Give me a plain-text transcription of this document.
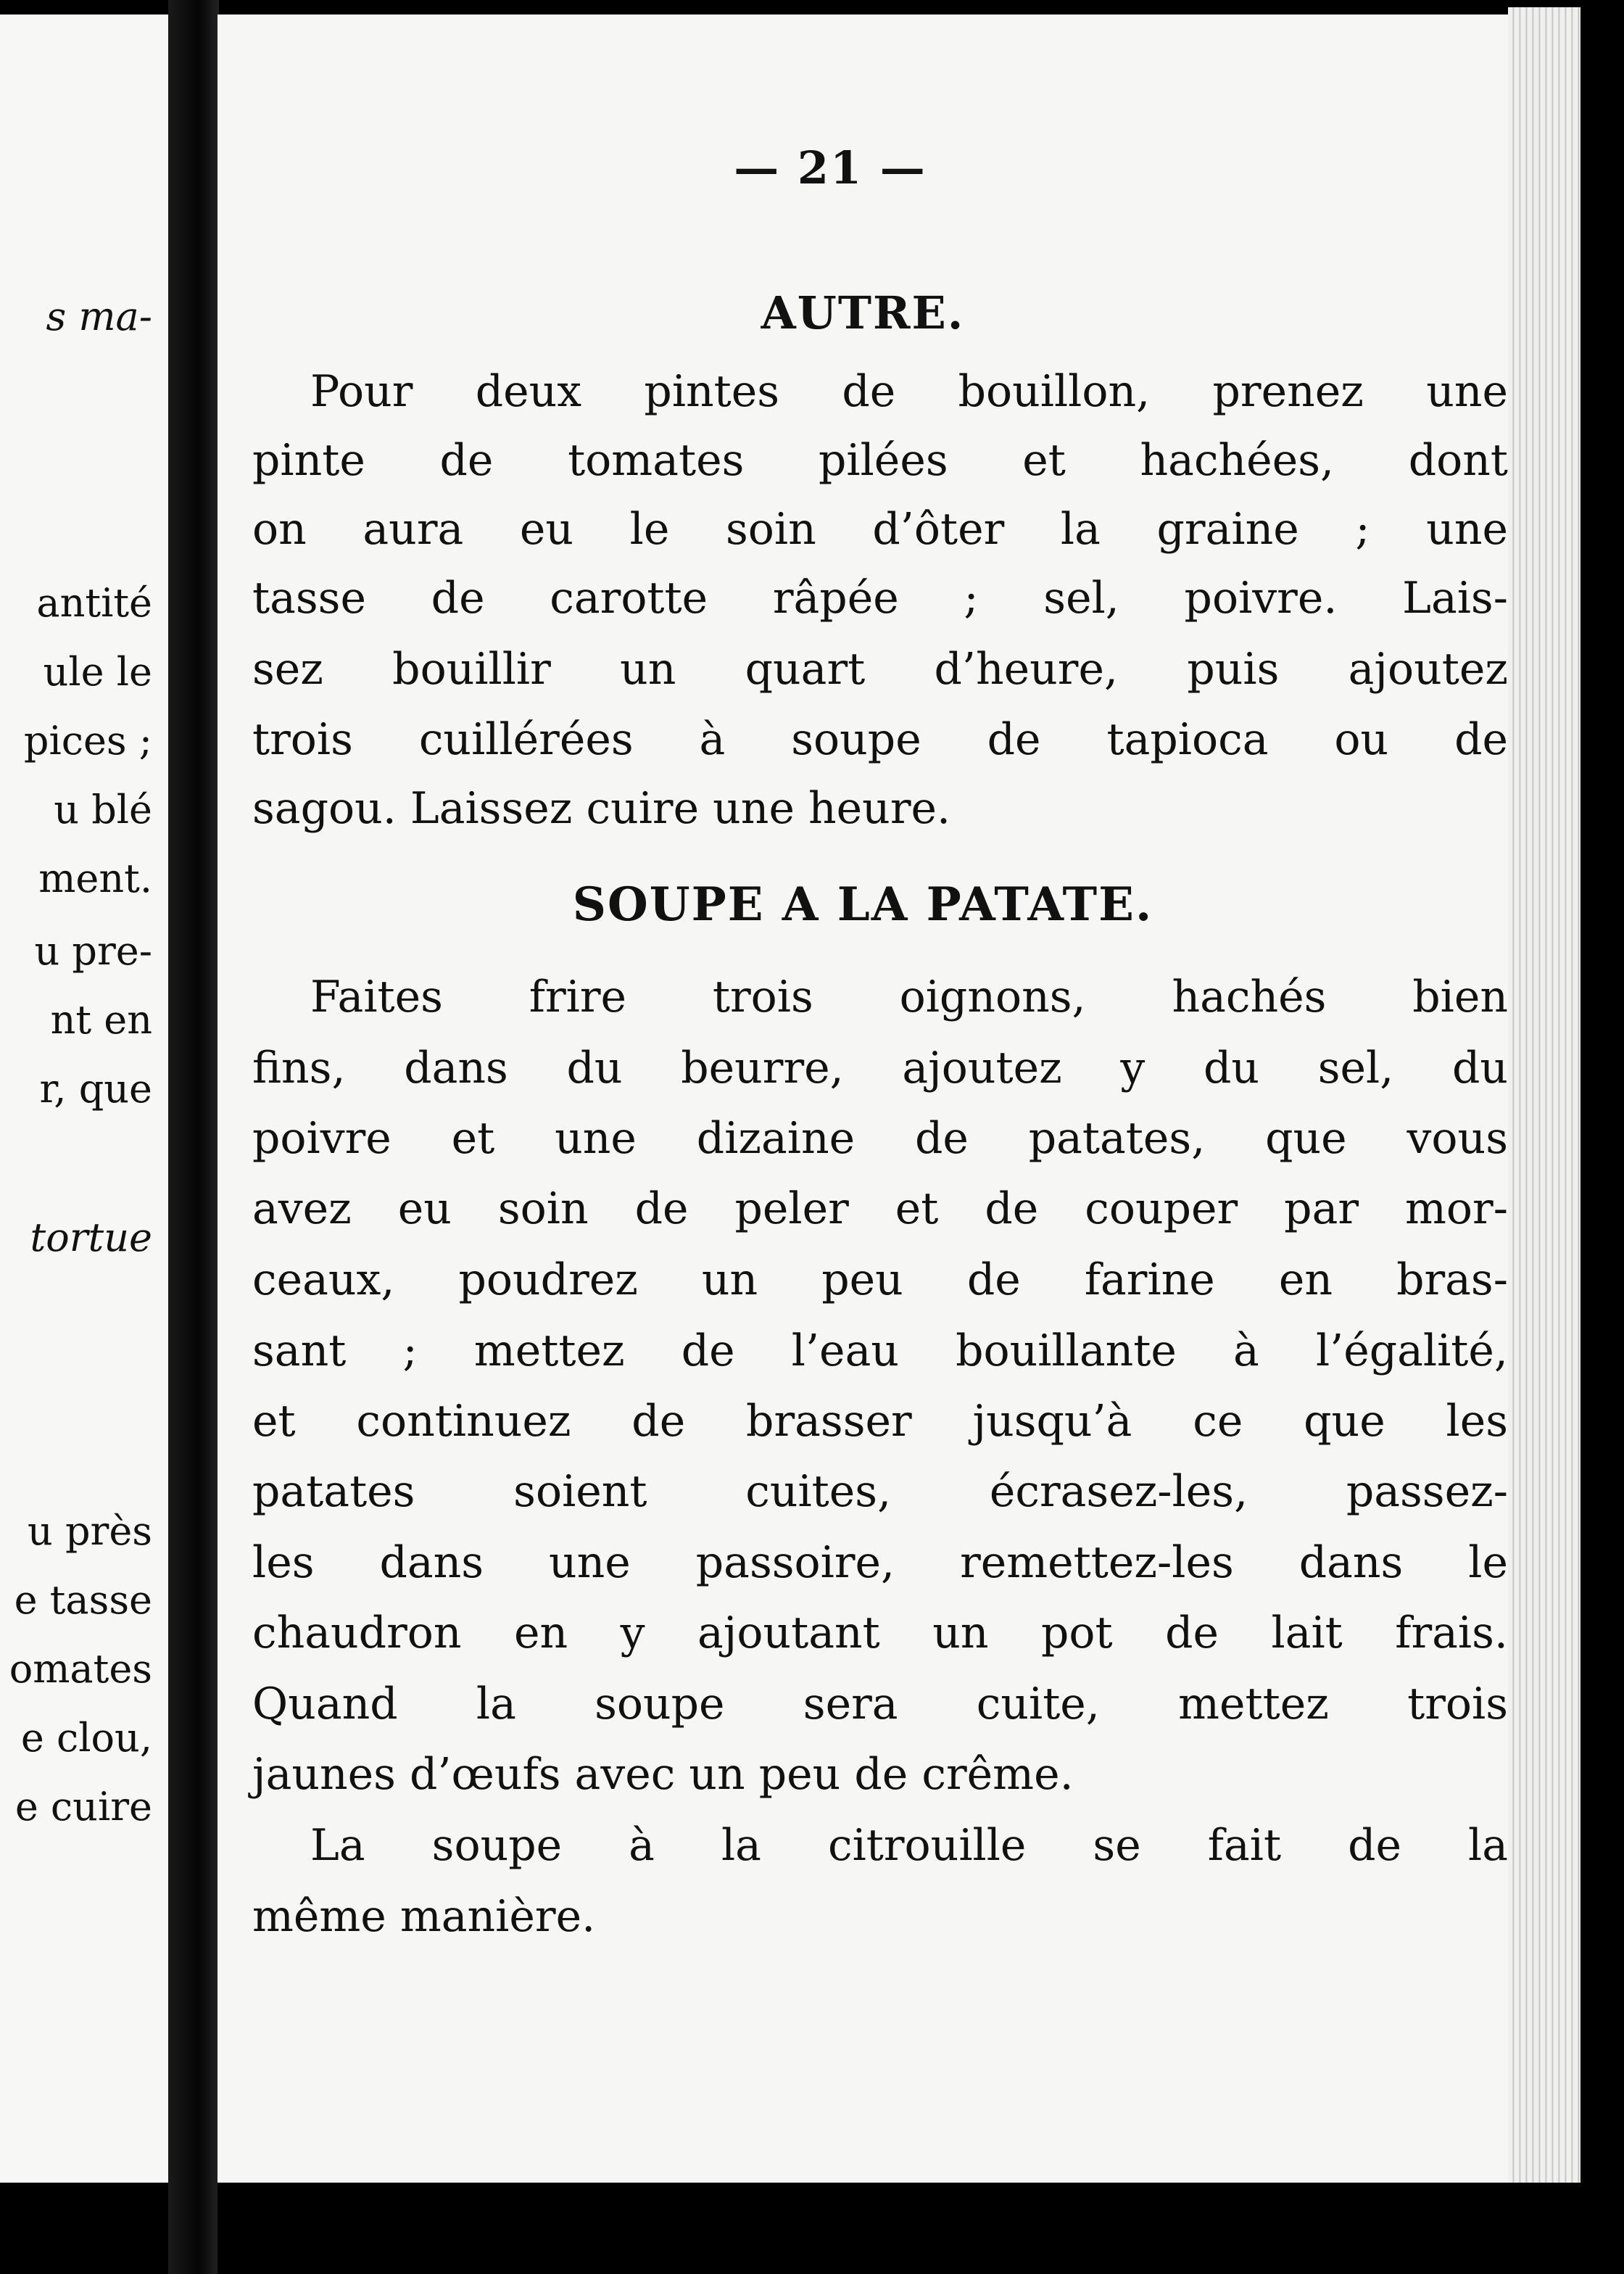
s ma-
antité
ule le
pices ;
u blé
ment.
u pre-
nt en
r, que
tortue
u près
e tasse
omates
e clou,
e cuire
— 21 —
AUTRE.
Pour deux pintes de bouillon, prenez une
pinte de tomates pilées et hachées, dont
on aura eu le soin d’ôter la graine ; une
tasse de carotte râpée ; sel, poivre. Lais-
sez bouillir un quart d’heure, puis ajoutez
trois cuillérées à soupe de tapioca ou de
sagou. Laissez cuire une heure.
SOUPE A LA PATATE.
Faites frire trois oignons, hachés bien
fins, dans du beurre, ajoutez y du sel, du
poivre et une dizaine de patates, que vous
avez eu soin de peler et de couper par mor-
ceaux, poudrez un peu de farine en bras-
sant ; mettez de l’eau bouillante à l’égalité,
et continuez de brasser jusqu’à ce que les
patates soient cuites, écrasez-les, passez-
les dans une passoire, remettez-les dans le
chaudron en y ajoutant un pot de lait frais.
Quand la soupe sera cuite, mettez trois
jaunes d’œufs avec un peu de crême.
La soupe à la citrouille se fait de la
même manière.
